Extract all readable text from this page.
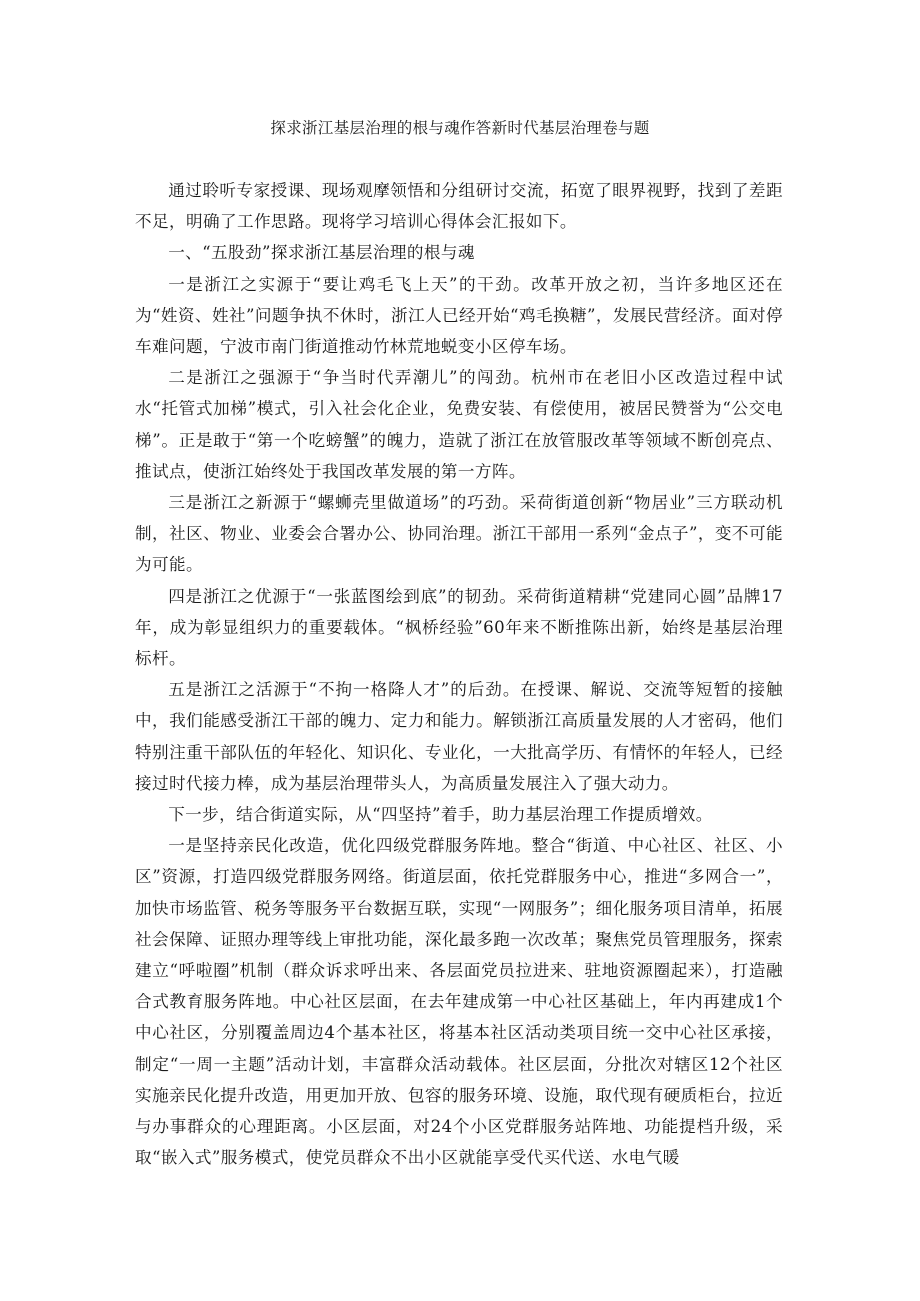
探求浙江基层治理的根与魂作答新时代基层治理卷与题

通过聆听专家授课、现场观摩领悟和分组研讨交流，拓宽了眼界视野，找到了差距不足，明确了工作思路。现将学习培训心得体会汇报如下。

一、“五股劲”探求浙江基层治理的根与魂

一是浙江之实源于“要让鸡毛飞上天”的干劲。改革开放之初，当许多地区还在为“姓资、姓社”问题争执不休时，浙江人已经开始“鸡毛换糖”，发展民营经济。面对停车难问题，宁波市南门街道推动竹林荒地蜕变小区停车场。

二是浙江之强源于“争当时代弄潮儿”的闯劲。杭州市在老旧小区改造过程中试水“托管式加梯”模式，引入社会化企业，免费安装、有偿使用，被居民赞誉为“公交电梯”。正是敢于“第一个吃螃蟹”的魄力，造就了浙江在放管服改革等领域不断创亮点、推试点，使浙江始终处于我国改革发展的第一方阵。

三是浙江之新源于“螺蛳壳里做道场”的巧劲。采荷街道创新“物居业”三方联动机制，社区、物业、业委会合署办公、协同治理。浙江干部用一系列“金点子”，变不可能为可能。

四是浙江之优源于“一张蓝图绘到底”的韧劲。采荷街道精耕“党建同心圆”品牌17年，成为彰显组织力的重要载体。“枫桥经验”60年来不断推陈出新，始终是基层治理标杆。

五是浙江之活源于“不拘一格降人才”的后劲。在授课、解说、交流等短暂的接触中，我们能感受浙江干部的魄力、定力和能力。解锁浙江高质量发展的人才密码，他们特别注重干部队伍的年轻化、知识化、专业化，一大批高学历、有情怀的年轻人，已经接过时代接力棒，成为基层治理带头人，为高质量发展注入了强大动力。

下一步，结合街道实际，从“四坚持”着手，助力基层治理工作提质增效。

一是坚持亲民化改造，优化四级党群服务阵地。整合“街道、中心社区、社区、小区”资源，打造四级党群服务网络。街道层面，依托党群服务中心，推进“多网合一”，加快市场监管、税务等服务平台数据互联，实现“一网服务”；细化服务项目清单，拓展社会保障、证照办理等线上审批功能，深化最多跑一次改革；聚焦党员管理服务，探索建立“呼啦圈”机制（群众诉求呼出来、各层面党员拉进来、驻地资源圈起来），打造融合式教育服务阵地。中心社区层面，在去年建成第一中心社区基础上，年内再建成1个中心社区，分别覆盖周边4个基本社区，将基本社区活动类项目统一交中心社区承接，制定“一周一主题”活动计划，丰富群众活动载体。社区层面，分批次对辖区12个社区实施亲民化提升改造，用更加开放、包容的服务环境、设施，取代现有硬质柜台，拉近与办事群众的心理距离。小区层面，对24个小区党群服务站阵地、功能提档升级，采取“嵌入式”服务模式，使党员群众不出小区就能享受代买代送、水电气暖
